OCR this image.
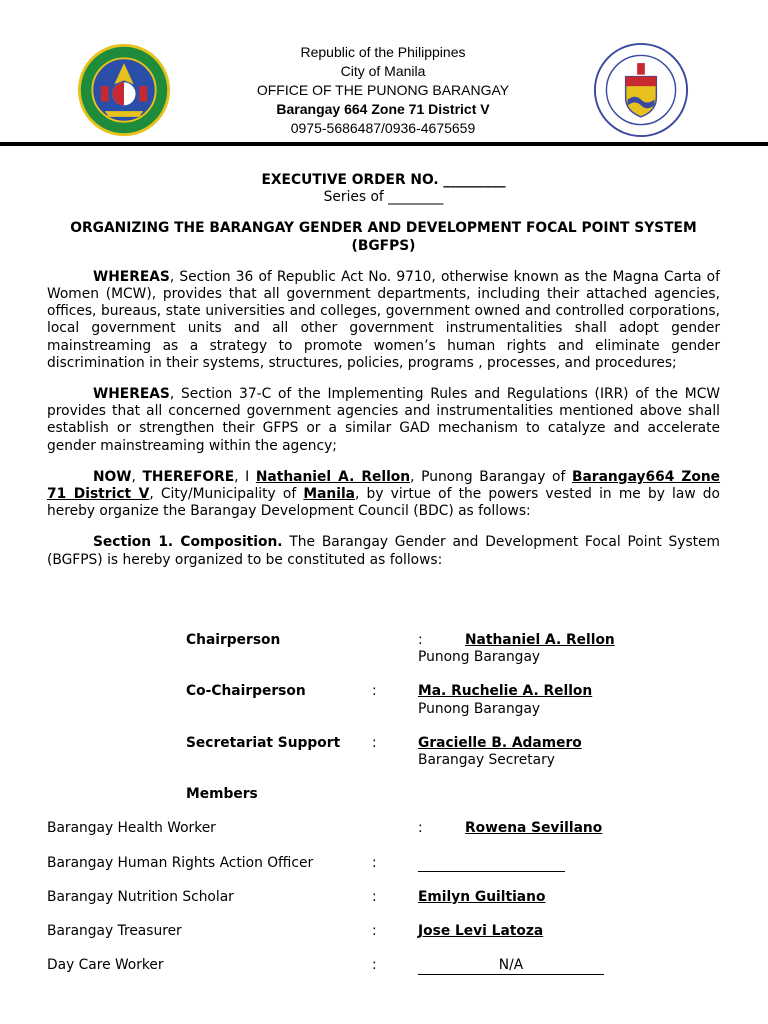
Republic of the Philippines
City of Manila
OFFICE OF THE PUNONG BARANGAY
Barangay 664 Zone 71 District V
0975-5686487/0936-4675659
EXECUTIVE ORDER NO. _________
Series of ________
ORGANIZING THE BARANGAY GENDER AND DEVELOPMENT FOCAL POINT SYSTEM (BGFPS)

WHEREAS, Section 36 of Republic Act No. 9710, otherwise known as the Magna Carta of Women (MCW), provides that all government departments, including their attached agencies, offices, bureaus, state universities and colleges, government owned and controlled corporations, local government units and all other government instrumentalities shall adopt gender mainstreaming as a strategy to promote women’s human rights and eliminate gender discrimination in their systems, structures, policies, programs , processes, and procedures;

WHEREAS, Section 37-C of the Implementing Rules and Regulations (IRR) of the MCW provides that all concerned government agencies and instrumentalities mentioned above shall establish or strengthen their GFPS or a similar GAD mechanism to catalyze and accelerate gender mainstreaming within the agency;

NOW, THEREFORE, I Nathaniel A. Rellon, Punong Barangay of Barangay664 Zone 71 District V, City/Municipality of Manila, by virtue of the powers vested in me by law do hereby organize the Barangay Development Council (BDC) as follows:

Section 1. Composition. The Barangay Gender and Development Focal Point System (BGFPS) is hereby organized to be constituted as follows:

Chairperson	:	Nathaniel A. Rellon
Punong Barangay
Co-Chairperson	:	Ma. Ruchelie A. Rellon
Punong Barangay
Secretariat Support :	Gracielle B. Adamero
Barangay Secretary
Members
Barangay Health Worker	:	Rowena Sevillano
Barangay Human Rights Action Officer	:
Barangay Nutrition Scholar	:	Emilyn Guiltiano
Barangay Treasurer	:	Jose Levi Latoza
Day Care Worker	:	N/A
